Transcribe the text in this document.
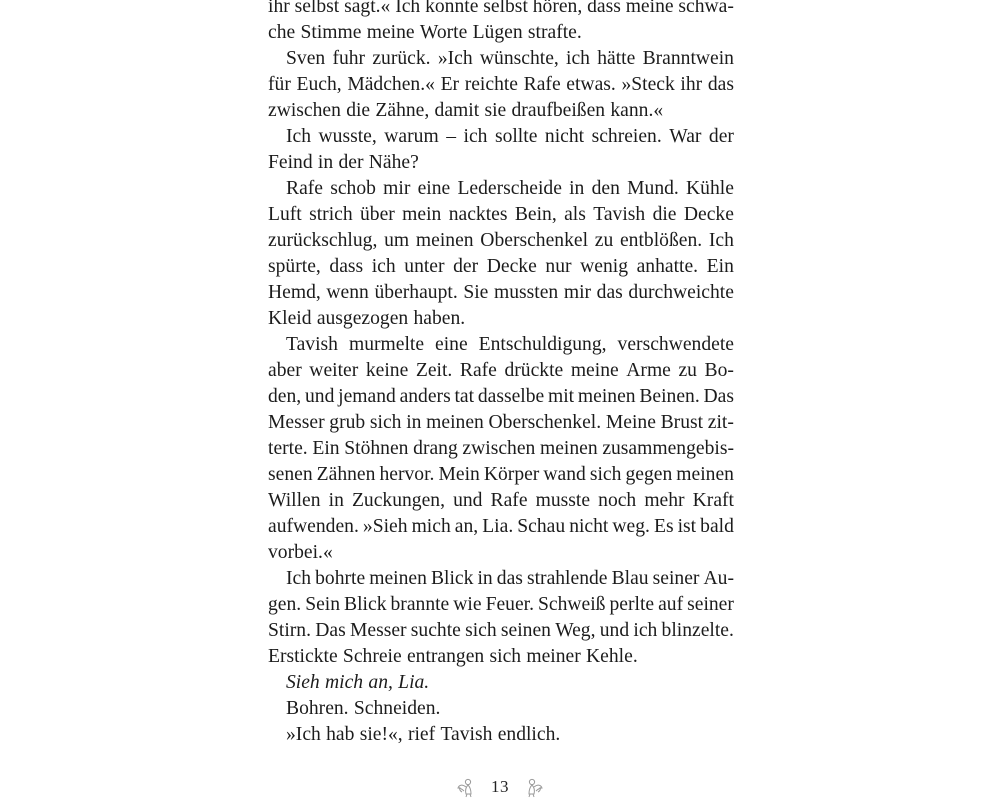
ihr selbst sagt.« Ich konnte selbst hören, dass meine schwa-
che Stimme meine Worte Lügen strafte.
Sven fuhr zurück. »Ich wünschte, ich hätte Branntwein
für Euch, Mädchen.« Er reichte Rafe etwas. »Steck ihr das
zwischen die Zähne, damit sie draufbeißen kann.«
Ich wusste, warum – ich sollte nicht schreien. War der
Feind in der Nähe?
Rafe schob mir eine Lederscheide in den Mund. Kühle
Luft strich über mein nacktes Bein, als Tavish die Decke
zurückschlug, um meinen Oberschenkel zu entblößen. Ich
spürte, dass ich unter der Decke nur wenig anhatte. Ein
Hemd, wenn überhaupt. Sie mussten mir das durchweichte
Kleid ausgezogen haben.
Tavish murmelte eine Entschuldigung, verschwendete
aber weiter keine Zeit. Rafe drückte meine Arme zu Bo-
den, und jemand anders tat dasselbe mit meinen Beinen. Das
Messer grub sich in meinen Oberschenkel. Meine Brust zit-
terte. Ein Stöhnen drang zwischen meinen zusammengebis-
senen Zähnen hervor. Mein Körper wand sich gegen meinen
Willen in Zuckungen, und Rafe musste noch mehr Kraft
aufwenden. »Sieh mich an, Lia. Schau nicht weg. Es ist bald
vorbei.«
Ich bohrte meinen Blick in das strahlende Blau seiner Au-
gen. Sein Blick brannte wie Feuer. Schweiß perlte auf seiner
Stirn. Das Messer suchte sich seinen Weg, und ich blinzelte.
Erstickte Schreie entrangen sich meiner Kehle.
Sieh mich an, Lia.
Bohren. Schneiden.
»Ich hab sie!«, rief Tavish endlich.
13
